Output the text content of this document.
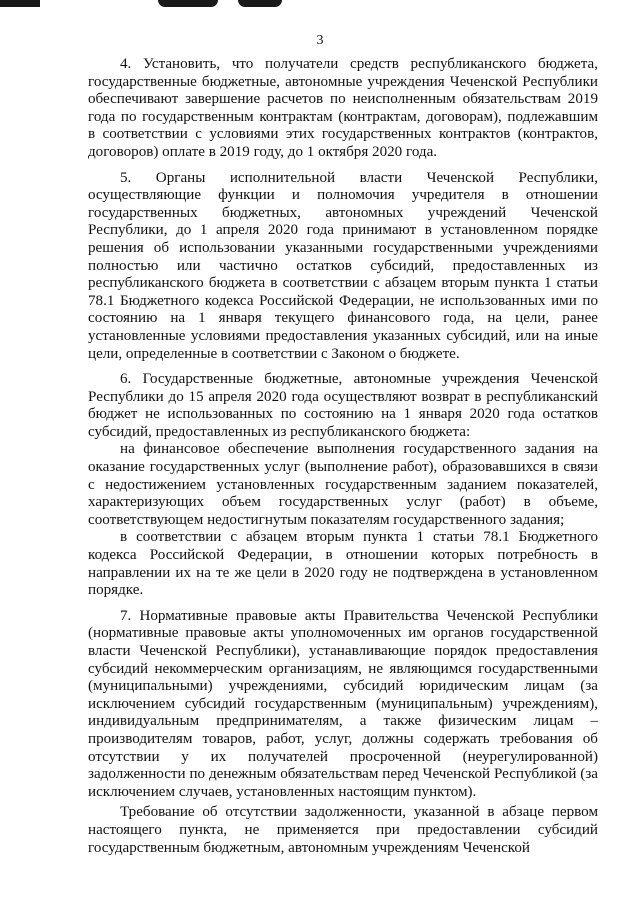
3

4. Установить, что получатели средств республиканского бюджета, государственные бюджетные, автономные учреждения Чеченской Республики обеспечивают завершение расчетов по неисполненным обязательствам 2019 года по государственным контрактам (контрактам, договорам), подлежавшим в соответствии с условиями этих государственных контрактов (контрактов, договоров) оплате в 2019 году, до 1 октября 2020 года.

5. Органы исполнительной власти Чеченской Республики, осуществляющие функции и полномочия учредителя в отношении государственных бюджетных, автономных учреждений Чеченской Республики, до 1 апреля 2020 года принимают в установленном порядке решения об использовании указанными государственными учреждениями полностью или частично остатков субсидий, предоставленных из республиканского бюджета в соответствии с абзацем вторым пункта 1 статьи 78.1 Бюджетного кодекса Российской Федерации, не использованных ими по состоянию на 1 января текущего финансового года, на цели, ранее установленные условиями предоставления указанных субсидий, или на иные цели, определенные в соответствии с Законом о бюджете.

6. Государственные бюджетные, автономные учреждения Чеченской Республики до 15 апреля 2020 года осуществляют возврат в республиканский бюджет не использованных по состоянию на 1 января 2020 года остатков субсидий, предоставленных из республиканского бюджета:

на финансовое обеспечение выполнения государственного задания на оказание государственных услуг (выполнение работ), образовавшихся в связи с недостижением установленных государственным заданием показателей, характеризующих объем государственных услуг (работ) в объеме, соответствующем недостигнутым показателям государственного задания;

в соответствии с абзацем вторым пункта 1 статьи 78.1 Бюджетного кодекса Российской Федерации, в отношении которых потребность в направлении их на те же цели в 2020 году не подтверждена в установленном порядке.

7. Нормативные правовые акты Правительства Чеченской Республики (нормативные правовые акты уполномоченных им органов государственной власти Чеченской Республики), устанавливающие порядок предоставления субсидий некоммерческим организациям, не являющимся государственными (муниципальными) учреждениями, субсидий юридическим лицам (за исключением субсидий государственным (муниципальным) учреждениям), индивидуальным предпринимателям, а также физическим лицам – производителям товаров, работ, услуг, должны содержать требования об отсутствии у их получателей просроченной (неурегулированной) задолженности по денежным обязательствам перед Чеченской Республикой (за исключением случаев, установленных настоящим пунктом).

Требование об отсутствии задолженности, указанной в абзаце первом настоящего пункта, не применяется при предоставлении субсидий государственным бюджетным, автономным учреждениям Чеченской
